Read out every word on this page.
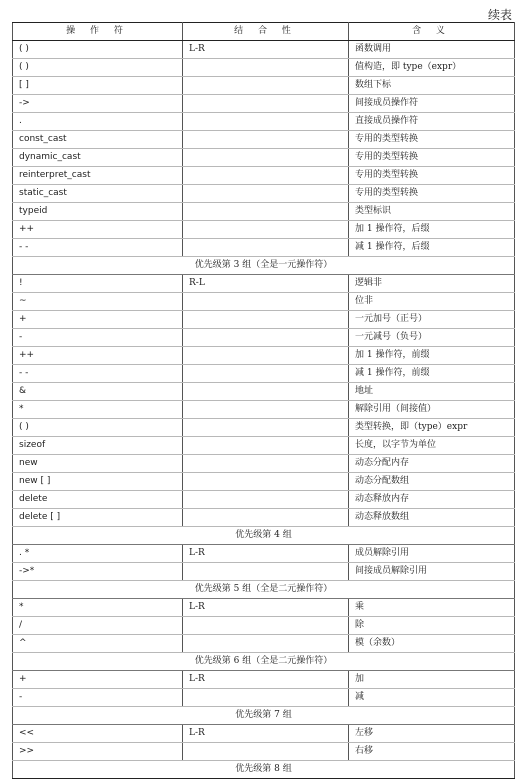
续表
操 作 符	结 合 性	含 义
( )	L-R	函数调用
( )		值构造，即 type（expr）
[ ]		数组下标
->		间接成员操作符
.		直接成员操作符
const_cast		专用的类型转换
dynamic_cast		专用的类型转换
reinterpret_cast		专用的类型转换
static_cast		专用的类型转换
typeid		类型标识
++		加 1 操作符，后缀
- -		减 1 操作符，后缀
优先级第 3 组（全是一元操作符）		
!	R-L	逻辑非
~		位非
+		一元加号（正号）
-		一元减号（负号）
++		加 1 操作符，前缀
- -		减 1 操作符，前缀
&		地址
*		解除引用（间接值）
( )		类型转换，即（type）expr
sizeof		长度，以字节为单位
new		动态分配内存
new [ ]		动态分配数组
delete		动态释放内存
delete [ ]		动态释放数组
优先级第 4 组		
. *	L-R	成员解除引用
->*		间接成员解除引用
优先级第 5 组（全是二元操作符）		
*	L-R	乘
/		除
^		模（余数）
优先级第 6 组（全是二元操作符）		
+	L-R	加
-		减
优先级第 7 组		
<<	L-R	左移
>>		右移
优先级第 8 组		
